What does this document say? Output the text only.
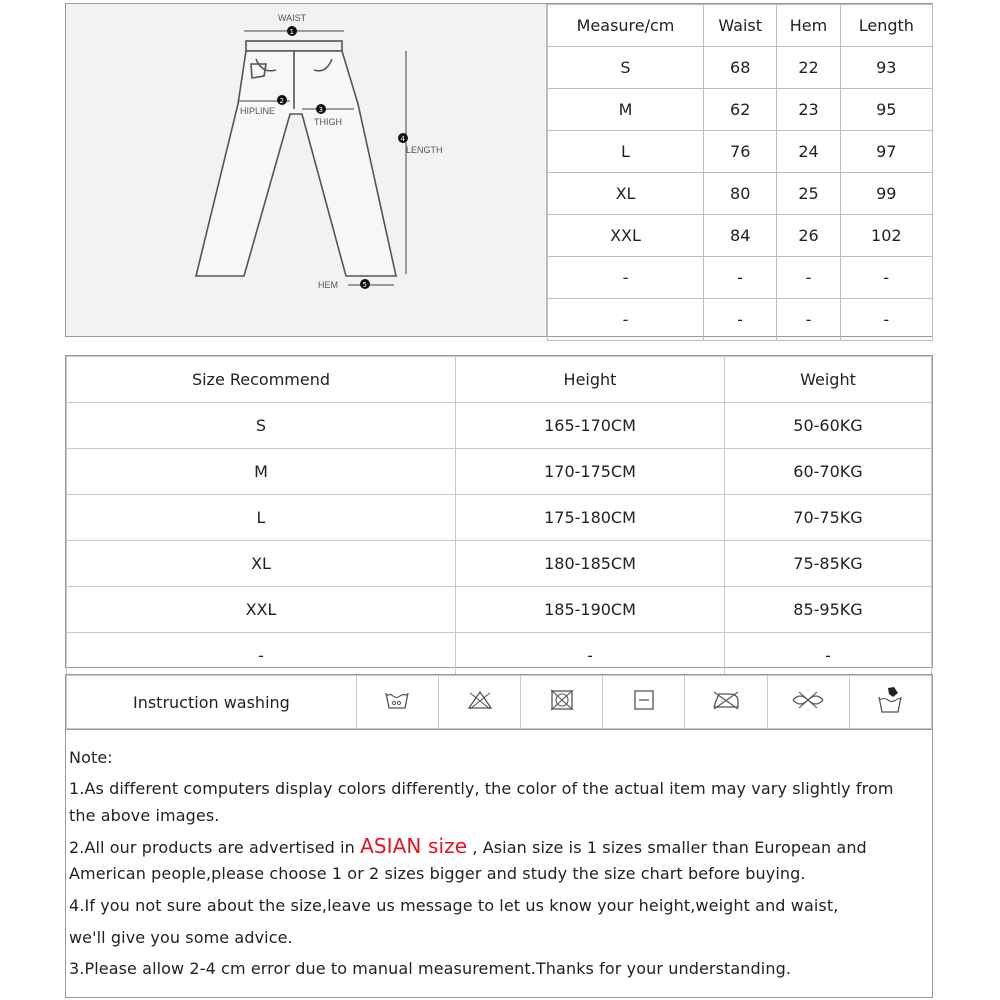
WAIST
1
2
HIPLINE	3
THIGH
4
LENGTH
5
HEM
Measure/cm	Waist	Hem	Length
S	68	22	93
M	62	23	95
L	76	24	97
XL	80	25	99
XXL	84	26	102
-	-	-	-
-	-	-	-
Size Recommend	Height	Weight
S	165-170CM	50-60KG
M	170-175CM	60-70KG
L	175-180CM	70-75KG
XL	180-185CM	75-85KG
XXL	185-190CM	85-95KG
-	-	-
Instruction washing							
Note:
1.As different computers display colors differently, the color of the actual item may vary slightly from
the above images.
2.All our products are advertised in ASIAN size , Asian size is 1 sizes smaller than European and
American people,please choose 1 or 2 sizes bigger and study the size chart before buying.
4.If you not sure about the size,leave us message to let us know your height,weight and waist,
we'll give you some advice.
3.Please allow 2-4 cm error due to manual measurement.Thanks for your understanding.
